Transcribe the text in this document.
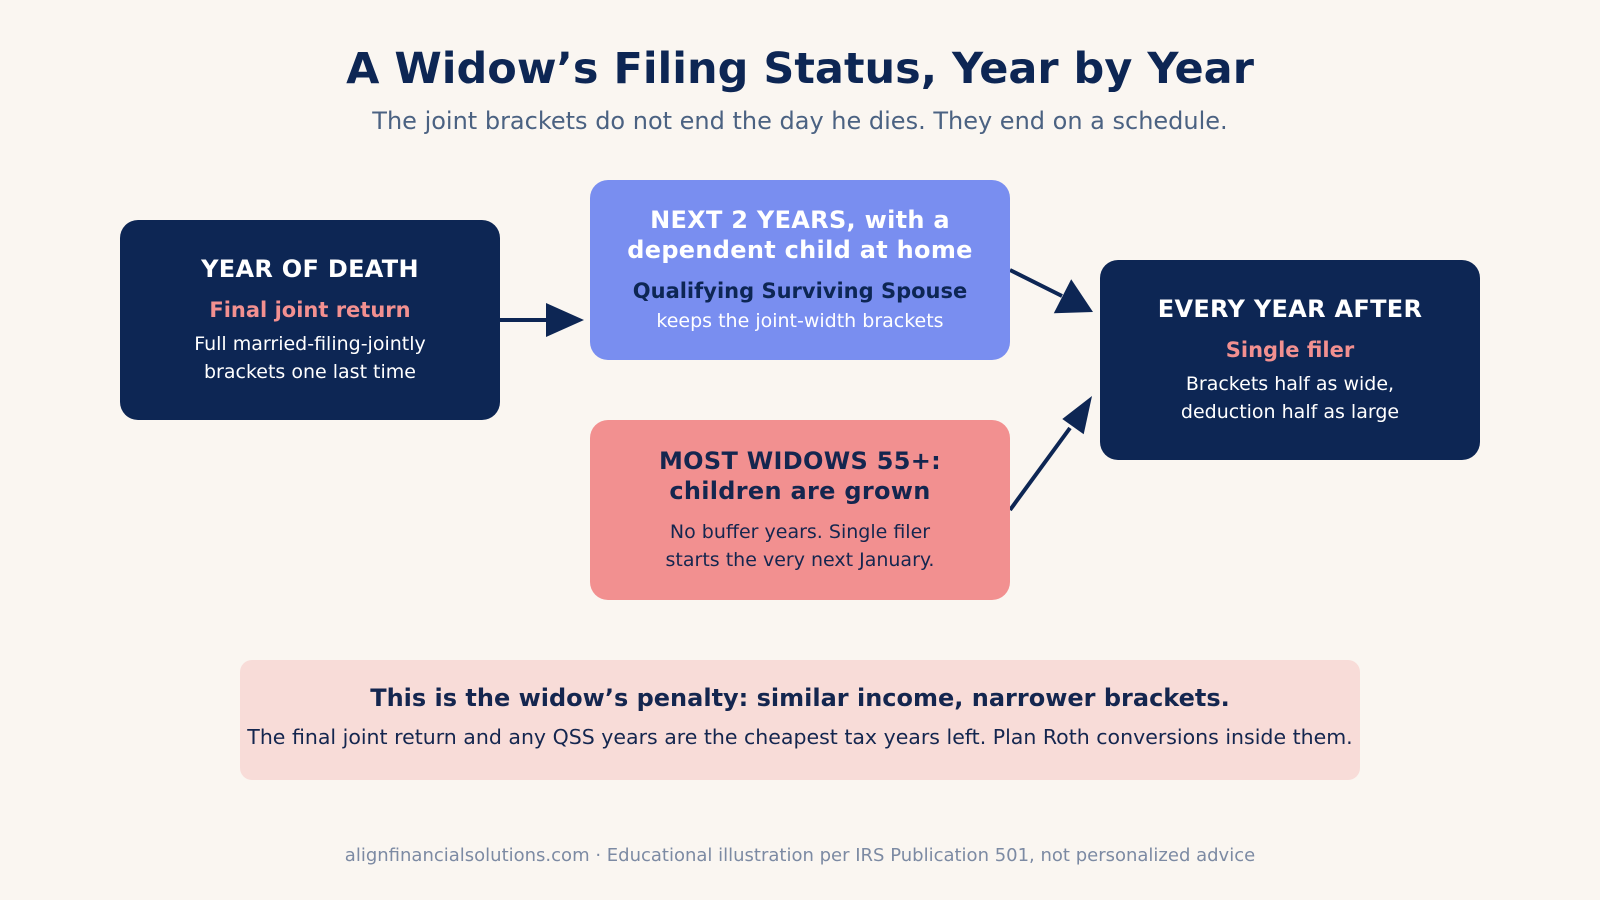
A Widow’s Filing Status, Year by Year
The joint brackets do not end the day he dies. They end on a schedule.
YEAR OF DEATH
Final joint return
Full married-filing-jointly
brackets one last time
NEXT 2 YEARS, with a
dependent child at home
Qualifying Surviving Spouse
keeps the joint-width brackets
MOST WIDOWS 55+:
children are grown
No buffer years. Single filer
starts the very next January.
EVERY YEAR AFTER
Single filer
Brackets half as wide,
deduction half as large
This is the widow’s penalty: similar income, narrower brackets.
The final joint return and any QSS years are the cheapest tax years left. Plan Roth conversions inside them.
alignfinancialsolutions.com · Educational illustration per IRS Publication 501, not personalized advice
